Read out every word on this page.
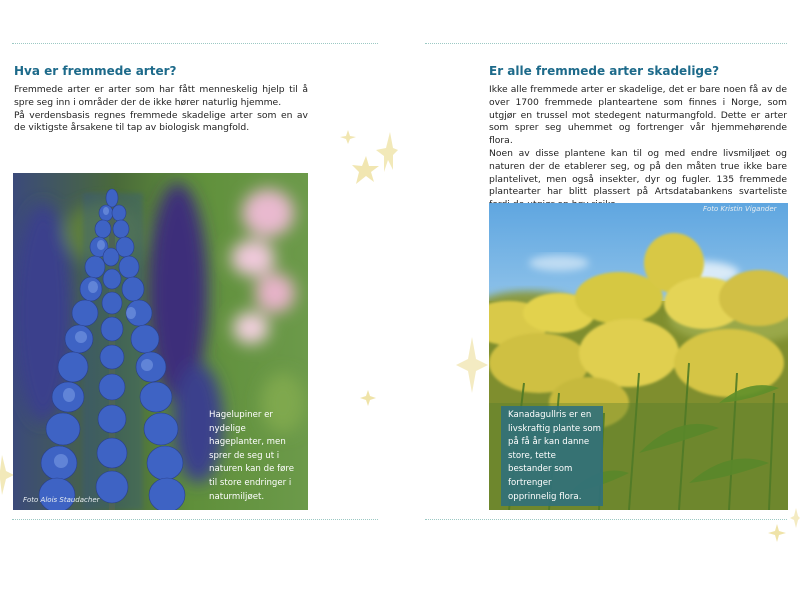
Hva er fremmede arter?

Fremmede arter er arter som har fått menneskelig hjelp til å spre seg inn i områder der de ikke hører naturlig hjemme.

På verdensbasis regnes fremmede skadelige arter som en av de viktigste årsakene til tap av biologisk mangfold.

Hagelupiner er nydelige hageplanter, men sprer de seg ut i naturen kan de føre til store endringer i naturmiljøet.
Foto Alois Staudacher
Er alle fremmede arter skadelige?

Ikke alle fremmede arter er skadelige, det er bare noen få av de over 1700 fremmede planteartene som finnes i Norge, som utgjør en trussel mot stedegent naturmangfold. Dette er arter som sprer seg uhemmet og fortrenger vår hjemmehørende flora.

Noen av disse plantene kan til og med endre livsmiljøet og naturen der de etablerer seg, og på den måten true ikke bare plantelivet, men også insekter, dyr og fugler. 135 fremmede plantearter har blitt plassert på Artsdatabankens svarteliste

Kanadagullris er en livskraftig plante som på få år kan danne store, tette bestander som fortrenger opprinnelig flora.
Foto Kristin Vigander
